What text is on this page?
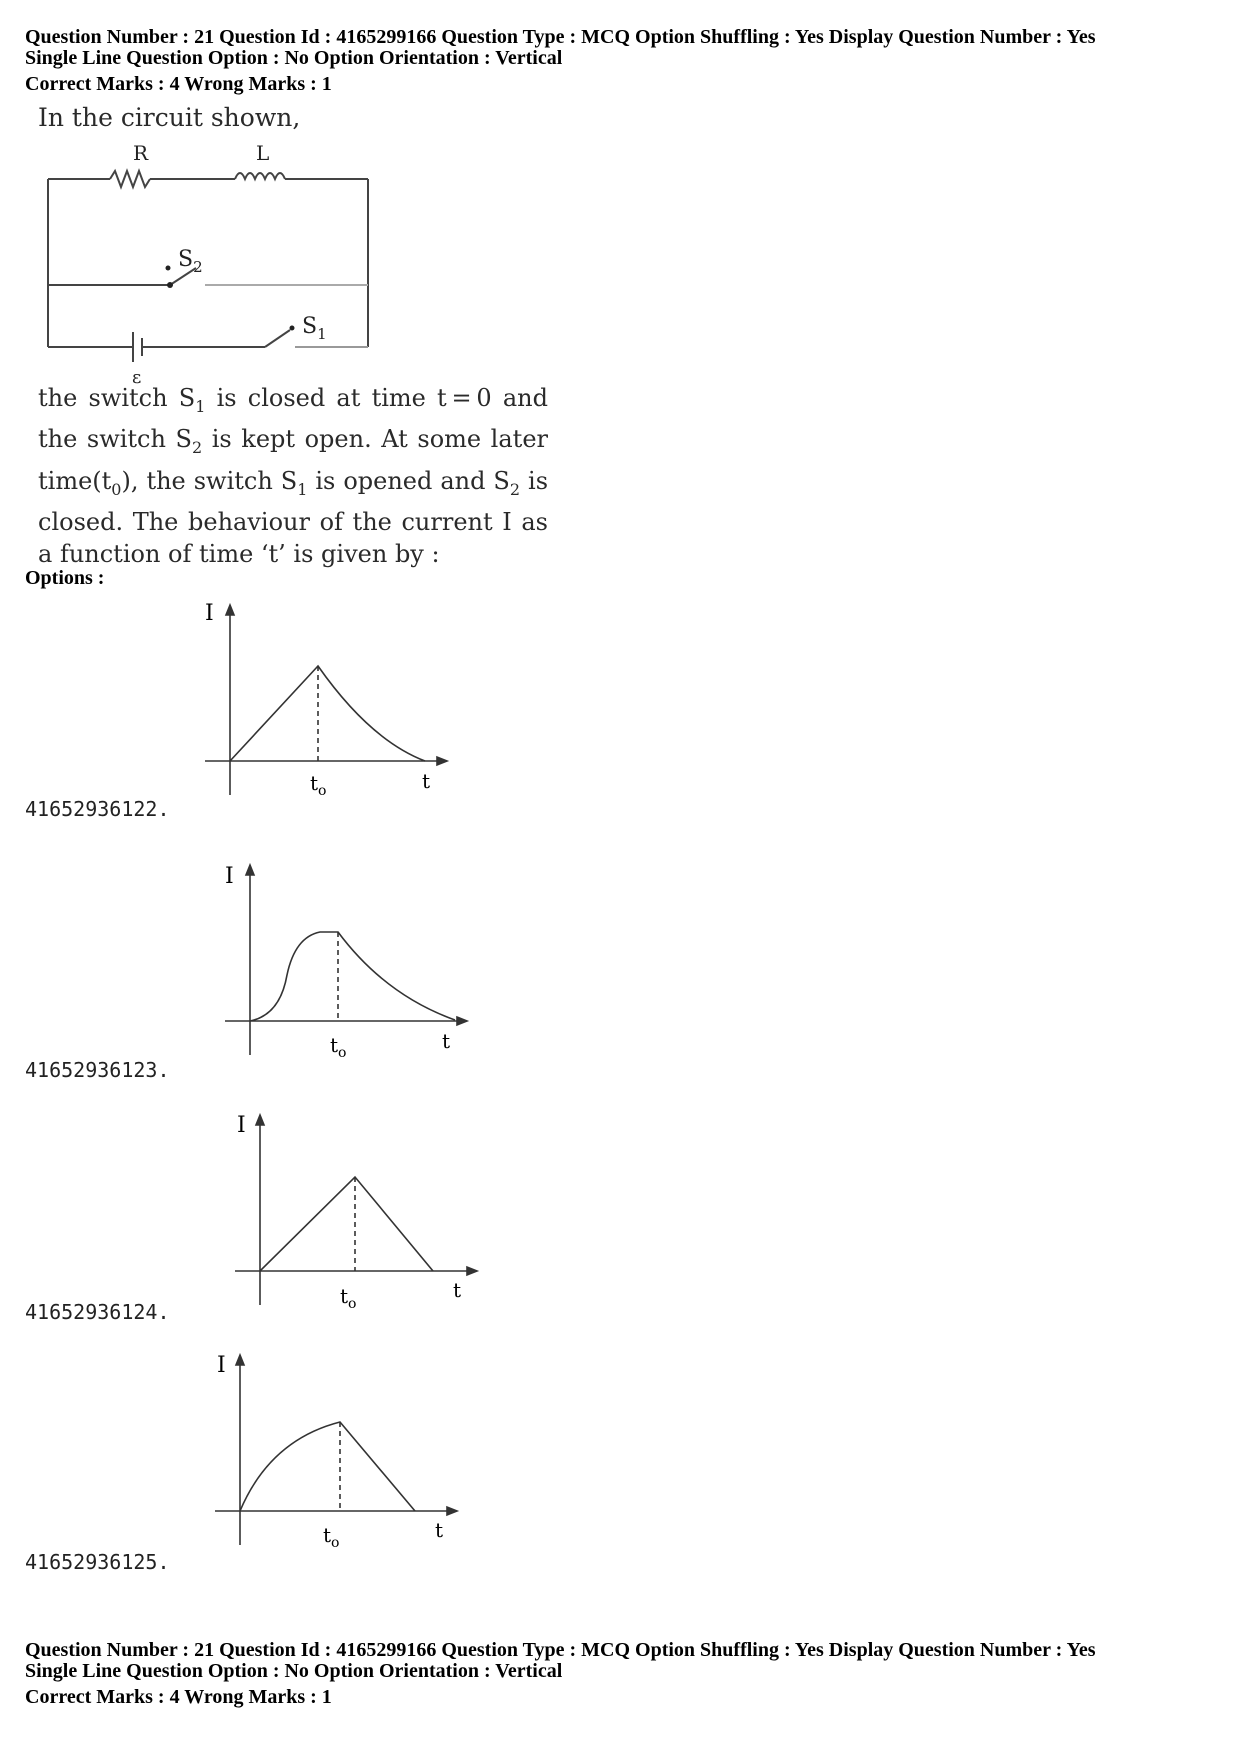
Question Number : 21 Question Id : 4165299166 Question Type : MCQ Option Shuffling : Yes Display Question Number : Yes
Single Line Question Option : No Option Orientation : Vertical
Correct Marks : 4 Wrong Marks : 1
In the circuit shown,
R	L
$S_2$
$S_1$
ε
the switch $S_1$ is closed at time t = 0 and the switch $S_2$ is kept open. At some later $time(t_0)$, the switch $S_1$ is opened and $S_2$ is closed. The behaviour of the current I as a function of time ‘t’ is given by :
Options :
I
$t_o$	t
41652936122.
I
$t_o$	t
41652936123.
I
$t_o$
t
41652936124.
I
$t_o$
t
41652936125.
Question Number : 21 Question Id : 4165299166 Question Type : MCQ Option Shuffling : Yes Display Question Number : Yes
Single Line Question Option : No Option Orientation : Vertical
Correct Marks : 4 Wrong Marks : 1
